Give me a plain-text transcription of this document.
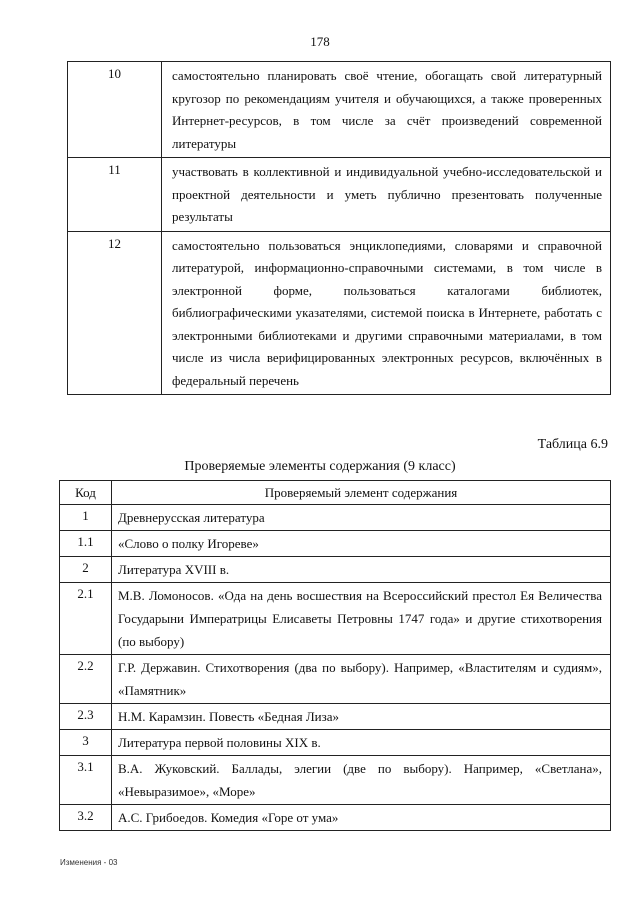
178
10	самостоятельно планировать своё чтение, обогащать свой литературный кругозор по рекомендациям учителя и обучающихся, а также проверенных Интернет-ресурсов, в том числе за счёт произведений современной литературы
11	участвовать в коллективной и индивидуальной учебно-исследовательской и проектной деятельности и уметь публично презентовать полученные результаты
12	самостоятельно пользоваться энциклопедиями, словарями и справочной литературой, информационно-справочными системами, в том числе в электронной форме, пользоваться каталогами библиотек, библиографическими указателями, системой поиска в Интернете, работать с электронными библиотеками и другими справочными материалами, в том числе из числа верифицированных электронных ресурсов, включённых в федеральный перечень
Таблица 6.9
Проверяемые элементы содержания (9 класс)
Код	Проверяемый элемент содержания
1	Древнерусская литература
1.1	«Слово о полку Игореве»
2	Литература XVIII в.
2.1	М.В. Ломоносов. «Ода на день восшествия на Всероссийский престол Ея Величества Государыни Императрицы Елисаветы Петровны 1747 года» и другие стихотворения (по выбору)
2.2	Г.Р. Державин. Стихотворения (два по выбору). Например, «Властителям и судиям», «Памятник»
2.3	Н.М. Карамзин. Повесть «Бедная Лиза»
3	Литература первой половины XIX в.
3.1	В.А. Жуковский. Баллады, элегии (две по выбору). Например, «Светлана», «Невыразимое», «Море»
3.2	А.С. Грибоедов. Комедия «Горе от ума»
Изменения - 03
